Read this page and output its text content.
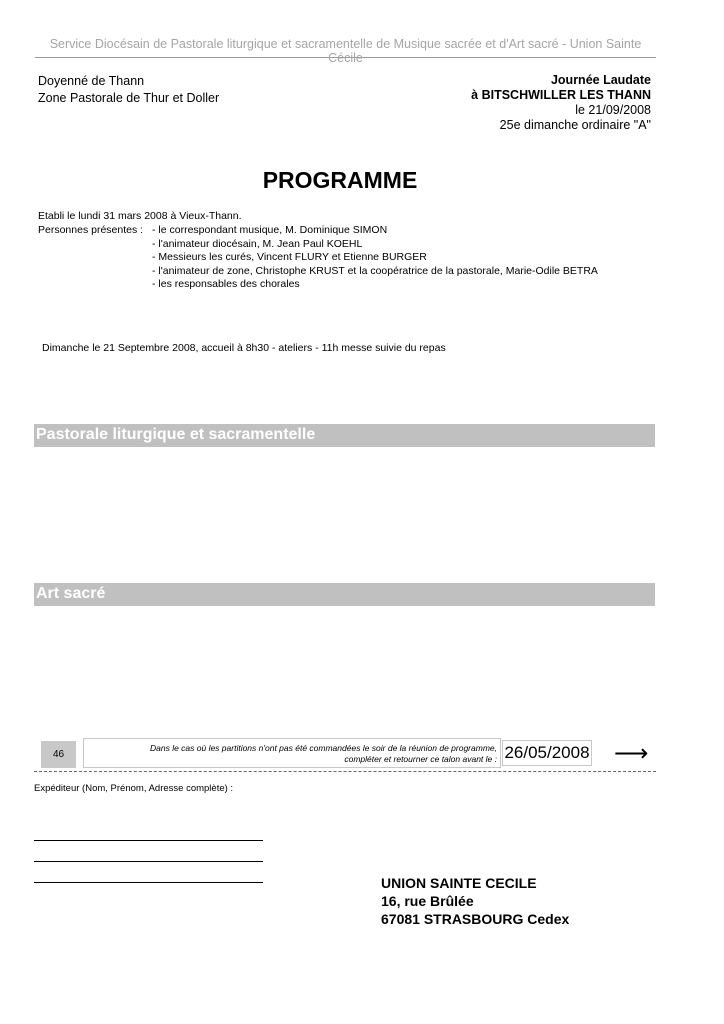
Service Diocésain de Pastorale liturgique et sacramentelle de Musique sacrée et d'Art sacré - Union Sainte Cécile
Doyenné de Thann
Zone Pastorale de Thur et Doller
Journée Laudate
à BITSCHWILLER LES THANN
le 21/09/2008
25e dimanche ordinaire "A"
PROGRAMME
Etabli le lundi 31 mars 2008 à Vieux-Thann.
Personnes présentes : - le correspondant musique, M. Dominique SIMON
- l'animateur diocésain, M. Jean Paul KOEHL
- Messieurs les curés, Vincent FLURY et Etienne BURGER
- l'animateur de zone, Christophe KRUST et la coopératrice de la pastorale, Marie-Odile BETRA
- les responsables des chorales
Dimanche le 21 Septembre 2008, accueil à 8h30 - ateliers - 11h messe suivie du repas
Pastorale liturgique et sacramentelle
Art sacré
46
Dans le cas où les partitions n'ont pas été commandées le soir de la réunion de programme,
compléter et retourner ce talon avant le : 26/05/2008 ⟶
Expéditeur (Nom, Prénom, Adresse complète) :
UNION SAINTE CECILE
16, rue Brûlée
67081 STRASBOURG Cedex
